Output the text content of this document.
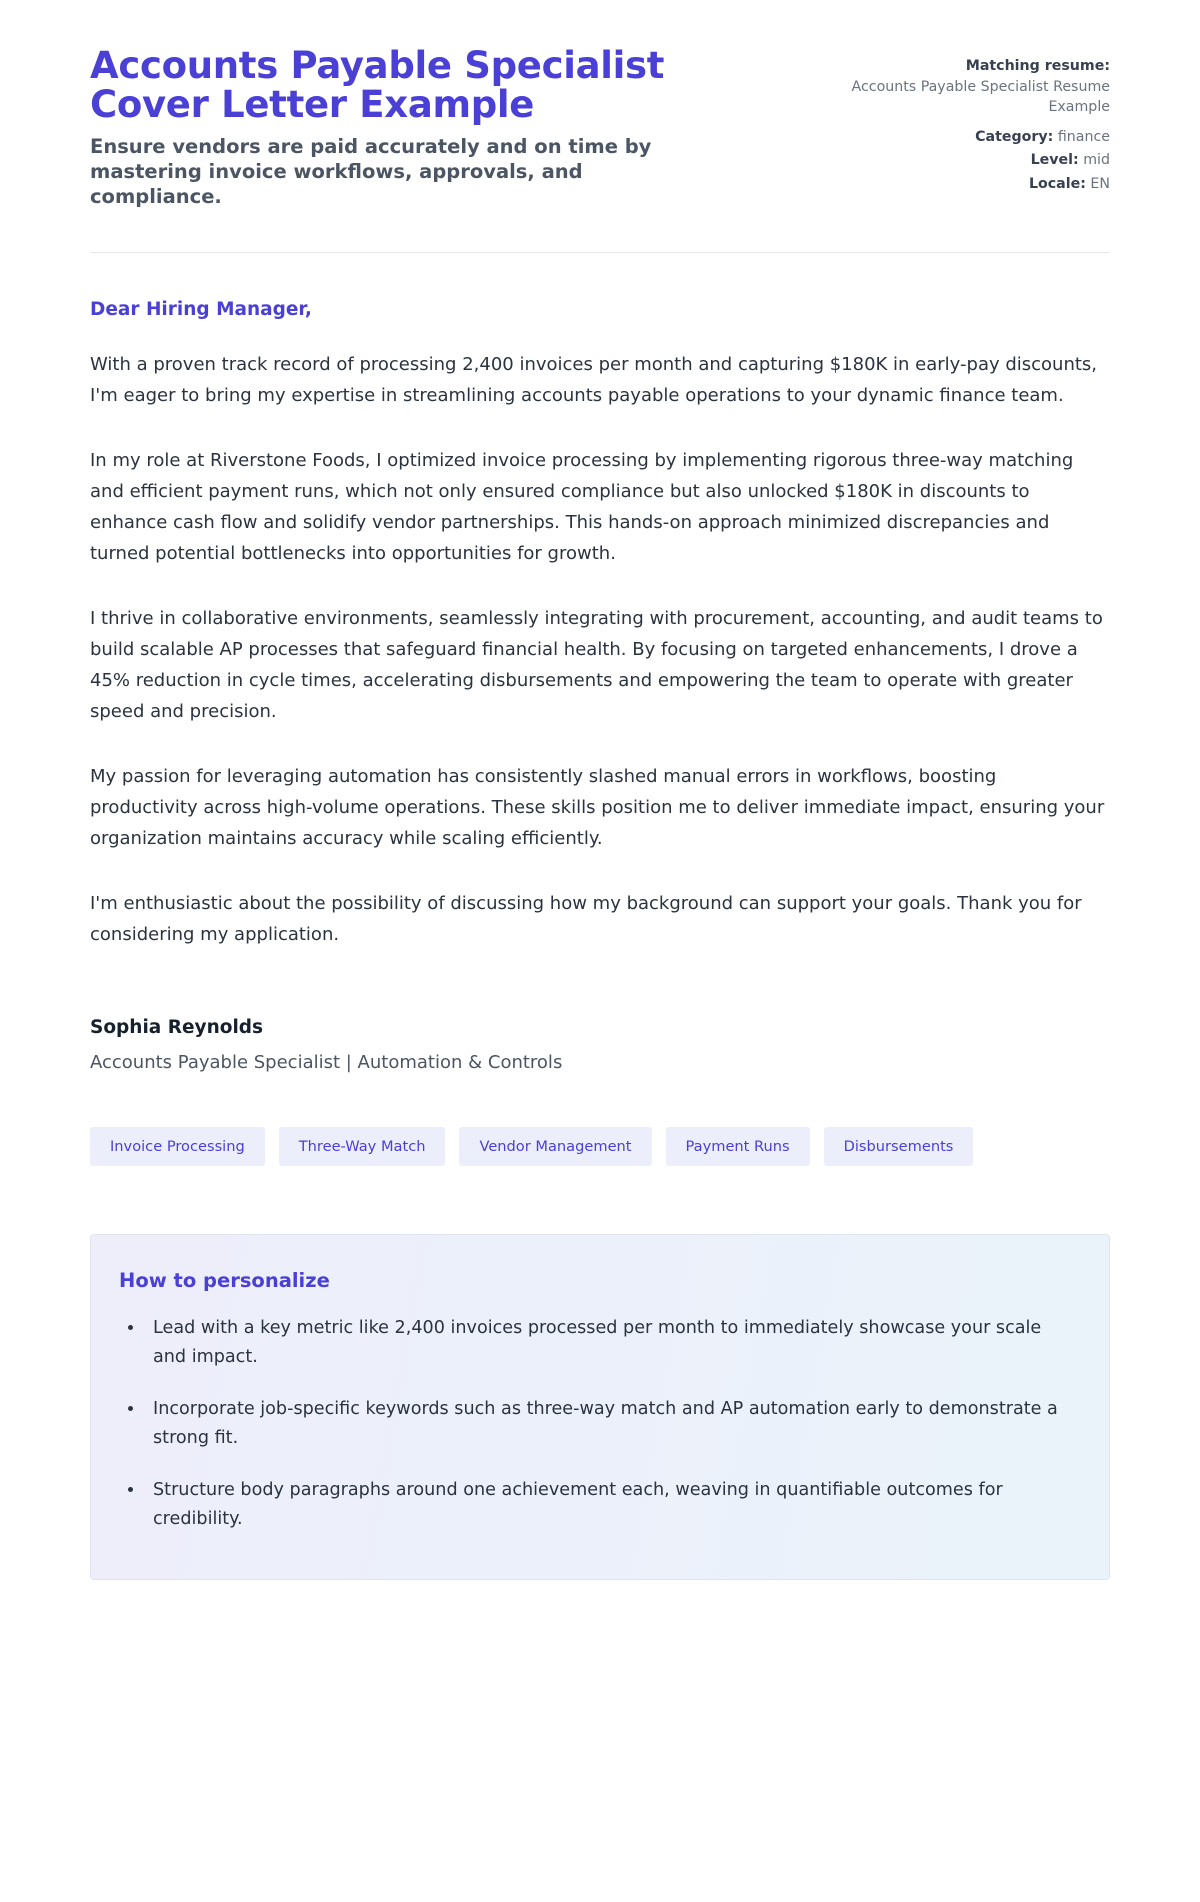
Accounts Payable Specialist Cover Letter Example
Ensure vendors are paid accurately and on time by mastering invoice workflows, approvals, and compliance.
Matching resume:
Accounts Payable Specialist Resume Example
Category: finance
Level: mid
Locale: EN

Dear Hiring Manager,

With a proven track record of processing 2,400 invoices per month and capturing $180K in early-pay discounts, I'm eager to bring my expertise in streamlining accounts payable operations to your dynamic finance team.

In my role at Riverstone Foods, I optimized invoice processing by implementing rigorous three-way matching and efficient payment runs, which not only ensured compliance but also unlocked $180K in discounts to enhance cash flow and solidify vendor partnerships. This hands-on approach minimized discrepancies and turned potential bottlenecks into opportunities for growth.

I thrive in collaborative environments, seamlessly integrating with procurement, accounting, and audit teams to build scalable AP processes that safeguard financial health. By focusing on targeted enhancements, I drove a 45% reduction in cycle times, accelerating disbursements and empowering the team to operate with greater speed and precision.

My passion for leveraging automation has consistently slashed manual errors in workflows, boosting productivity across high-volume operations. These skills position me to deliver immediate impact, ensuring your organization maintains accuracy while scaling efficiently.

I'm enthusiastic about the possibility of discussing how my background can support your goals. Thank you for considering my application.

Sophia Reynolds
Accounts Payable Specialist | Automation & Controls
Invoice Processing	Three-Way Match	Vendor Management	Payment Runs	Disbursements
How to personalize
• Lead with a key metric like 2,400 invoices processed per month to immediately showcase your scale and impact.
• Incorporate job-specific keywords such as three-way match and AP automation early to demonstrate a strong fit.
• Structure body paragraphs around one achievement each, weaving in quantifiable outcomes for credibility.
